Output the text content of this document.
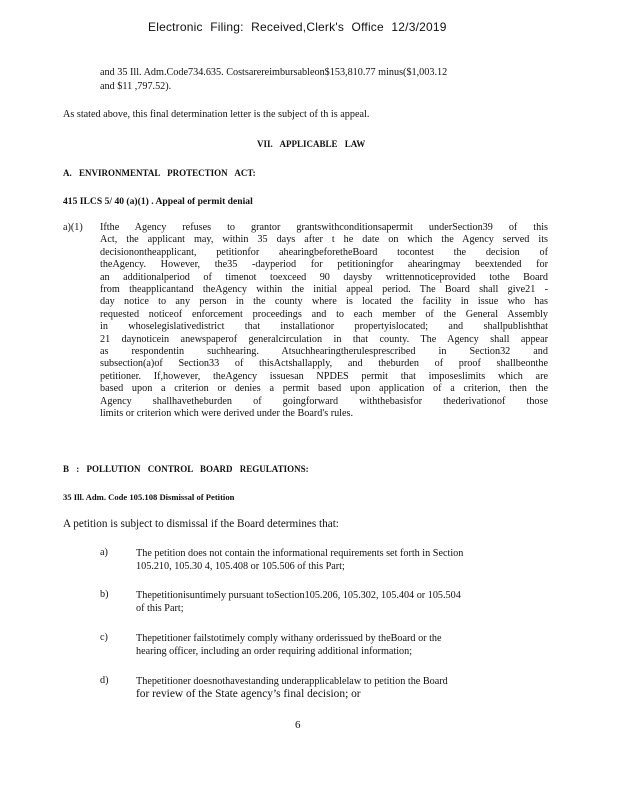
Electronic Filing: Received,Clerk's Office 12/3/2019
and 35 Ill. Adm.Code734.635. Costsarereimbursableon$153,810.77 minus($1,003.12
and $11 ,797.52).
As stated above, this final determination letter is the subject of th is appeal.
VII. APPLICABLE LAW
A. ENVIRONMENTAL PROTECTION ACT:
415 ILCS 5/ 40 (a)(1) . Appeal of permit denial
a)(1) Ifthe Agency refuses to grantor grantswithconditionsapermit underSection39 of this
Act, the applicant may, within 35 days after t he date on which the Agency served its
decisionontheapplicant, petitionfor ahearingbeforetheBoard tocontest the decision of
theAgency. However, the35 -dayperiod for petitioningfor ahearingmay beextended for
an additionalperiod of timenot toexceed 90 daysby writtennoticeprovided tothe Board
from theapplicantand theAgency within the initial appeal period. The Board shall give21 -
day notice to any person in the county where is located the facility in issue who has
requested noticeof enforcement proceedings and to each member of the General Assembly
in whoselegislativedistrict that installationor propertyislocated; and shallpublishthat
21 daynoticein anewspaperof generalcirculation in that county. The Agency shall appear
as respondentin suchhearing. Atsuchhearingtherulesprescribed in Section32 and
subsection(a)of Section33 of thisActshallapply, and theburden of proof shallbeonthe
petitioner. If,however, theAgency issuesan NPDES permit that imposeslimits which are
based upon a criterion or denies a permit based upon application of a criterion, then the
Agency shallhavetheburden of goingforward withthebasisfor thederivationof those
limits or criterion which were derived under the Board's rules.
B : POLLUTION CONTROL BOARD REGULATIONS:
35 Ill. Adm. Code 105.108 Dismissal of Petition
A petition is subject to dismissal if the Board determines that:
a)	The petition does not contain the informational requirements set forth in Section
105.210, 105.30 4, 105.408 or 105.506 of this Part;
b)	Thepetitionisuntimely pursuant toSection105.206, 105.302, 105.404 or 105.504
of this Part;
c)	Thepetitioner failstotimely comply withany orderissued by theBoard or the
hearing officer, including an order requiring additional information;
d)	Thepetitioner doesnothavestanding underapplicablelaw to petition the Board
for review of the State agency’s final decision; or
6
